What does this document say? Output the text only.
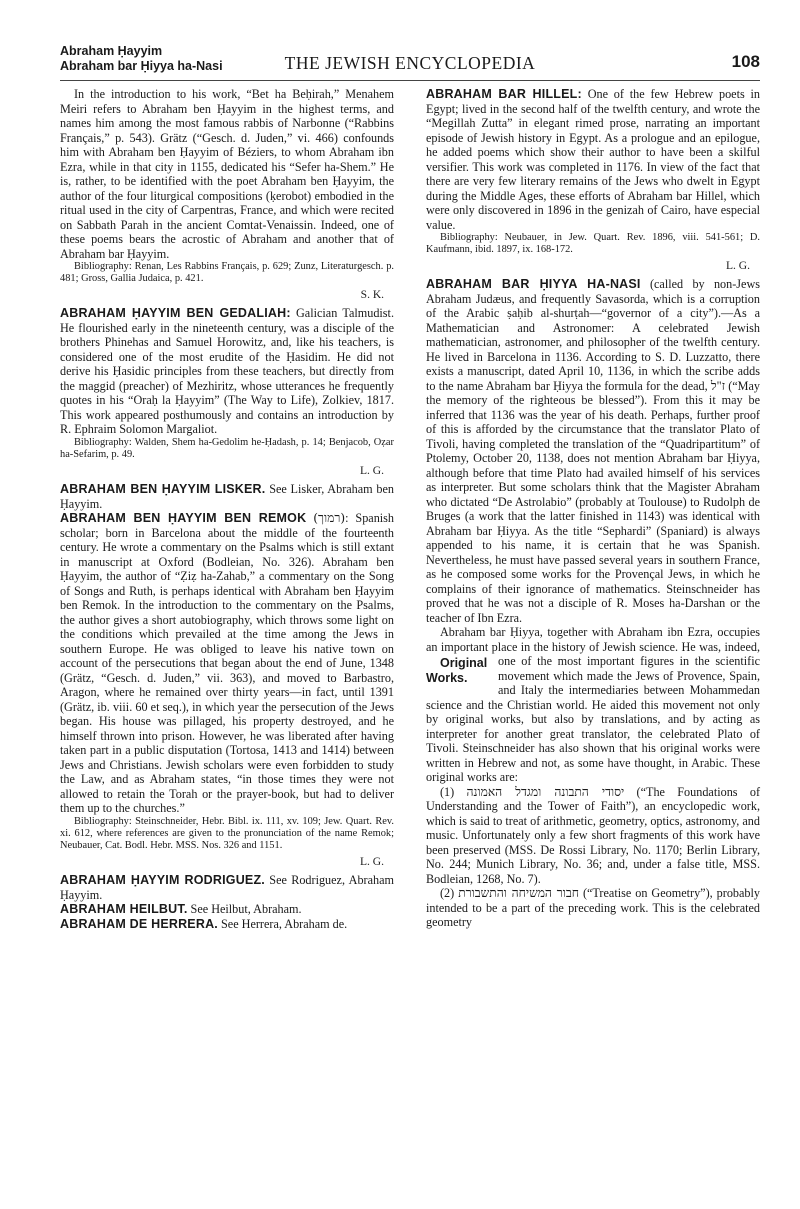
Abraham Ḥayyim
Abraham bar Ḥiyya ha-Nasi	THE JEWISH ENCYCLOPEDIA	108

In the introduction to his work, “Bet ha Beḥirah,” Menahem Meiri refers to Abraham ben Ḥayyim in the highest terms, and names him among the most famous rabbis of Narbonne (“Rabbins Français,” p. 543). Grätz (“Gesch. d. Juden,” vi. 466) confounds him with Abraham ben Ḥayyim of Béziers, to whom Abraham ibn Ezra, while in that city in 1155, dedicated his “Sefer ha-Shem.” He is, rather, to be identified with the poet Abraham ben Ḥayyim, the author of the four liturgical compositions (ḳerobot) embodied in the ritual used in the city of Carpentras, France, and which were recited on Sabbath Parah in the ancient Comtat-Venaissin. Indeed, one of these poems bears the acrostic of Abraham and another that of Abraham bar Ḥayyim.

Bibliography: Renan, Les Rabbins Français, p. 629; Zunz, Literaturgesch. p. 481; Gross, Gallia Judaica, p. 421.

S. K.

ABRAHAM ḤAYYIM BEN GEDALIAH: Galician Talmudist. He flourished early in the nineteenth century, was a disciple of the brothers Phinehas and Samuel Horowitz, and, like his teachers, is considered one of the most erudite of the Ḥasidim. He did not derive his Ḥasidic principles from these teachers, but directly from the maggid (preacher) of Mezhiritz, whose utterances he frequently quotes in his “Oraḥ la Ḥayyim” (The Way to Life), Zolkiev, 1817. This work appeared posthumously and contains an introduction by R. Ephraim Solomon Margaliot.

Bibliography: Walden, Shem ha-Gedolim he-Ḥadash, p. 14; Benjacob, Oẓar ha-Sefarim, p. 49.

L. G.

ABRAHAM BEN ḤAYYIM LISKER. See Lisker, Abraham ben Ḥayyim.

ABRAHAM BEN ḤAYYIM BEN REMOK (רמוך): Spanish scholar; born in Barcelona about the middle of the fourteenth century. He wrote a commentary on the Psalms which is still extant in manuscript at Oxford (Bodleian, No. 326). Abraham ben Ḥayyim, the author of “Ẓiẓ ha-Zahab,” a commentary on the Song of Songs and Ruth, is perhaps identical with Abraham ben Ḥayyim ben Remok. In the introduction to the commentary on the Psalms, the author gives a short autobiography, which throws some light on the conditions which prevailed at the time among the Jews in southern Europe. He was obliged to leave his native town on account of the persecutions that began about the end of June, 1348 (Grätz, “Gesch. d. Juden,” vii. 363), and moved to Barbastro, Aragon, where he remained over thirty years—in fact, until 1391 (Grätz, ib. viii. 60 et seq.), in which year the persecution of the Jews began. His house was pillaged, his property destroyed, and he himself thrown into prison. However, he was liberated after having taken part in a public disputation (Tortosa, 1413 and 1414) between Jews and Christians. Jewish scholars were even forbidden to study the Law, and as Abraham states, “in those times they were not allowed to retain the Torah or the prayer-book, but had to deliver them up to the churches.”

Bibliography: Steinschneider, Hebr. Bibl. ix. 111, xv. 109; Jew. Quart. Rev. xi. 612, where references are given to the pronunciation of the name Remok; Neubauer, Cat. Bodl. Hebr. MSS. Nos. 326 and 1151.

L. G.

ABRAHAM ḤAYYIM RODRIGUEZ. See Rodriguez, Abraham Ḥayyim.

ABRAHAM HEILBUT. See Heilbut, Abraham.

ABRAHAM DE HERRERA. See Herrera, Abraham de.

ABRAHAM BAR HILLEL: One of the few Hebrew poets in Egypt; lived in the second half of the twelfth century, and wrote the “Megillah Zutta” in elegant rimed prose, narrating an important episode of Jewish history in Egypt. As a prologue and an epilogue, he added poems which show their author to have been a skilful versifier. This work was completed in 1176. In view of the fact that there are very few literary remains of the Jews who dwelt in Egypt during the Middle Ages, these efforts of Abraham bar Hillel, which were only discovered in 1896 in the genizah of Cairo, have especial value.

Bibliography: Neubauer, in Jew. Quart. Rev. 1896, viii. 541-561; D. Kaufmann, ibid. 1897, ix. 168-172.

L. G.

ABRAHAM BAR ḤIYYA HA-NASI (called by non-Jews Abraham Judæus, and frequently Savasorda, which is a corruption of the Arabic ṣaḥib al-shurṭah—“governor of a city”).—As a Mathematician and Astronomer: A celebrated Jewish mathematician, astronomer, and philosopher of the twelfth century. He lived in Barcelona in 1136. According to S. D. Luzzatto, there exists a manuscript, dated April 10, 1136, in which the scribe adds to the name Abraham bar Ḥiyya the formula for the dead, ז"ל (“May the memory of the righteous be blessed”). From this it may be inferred that 1136 was the year of his death. Perhaps, further proof of this is afforded by the circumstance that the translator Plato of Tivoli, having completed the translation of the “Quadripartitum” of Ptolemy, October 20, 1138, does not mention Abraham bar Ḥiyya, although before that time Plato had availed himself of his services as interpreter. But some scholars think that the Magister Abraham who dictated “De Astrolabio” (probably at Toulouse) to Rudolph de Bruges (a work that the latter finished in 1143) was identical with Abraham bar Ḥiyya. As the title “Sephardi” (Spaniard) is always appended to his name, it is certain that he was Spanish. Nevertheless, he must have passed several years in southern France, as he composed some works for the Provençal Jews, in which he complains of their ignorance of mathematics. Steinschneider has proved that he was not a disciple of R. Moses ha-Darshan or the teacher of Ibn Ezra.

Abraham bar Ḥiyya, together with Abraham ibn Ezra, occupies an important place in the history of Jewish science. He was, indeed, one of the
Original Works.
most important figures in the scientific movement which made the Jews of Provence, Spain, and Italy the intermediaries between Mohammedan science and the Christian world. He aided this movement not only by original works, but also by translations, and by acting as interpreter for another great translator, the celebrated Plato of Tivoli. Steinschneider has also shown that his original works were written in Hebrew and not, as some have thought, in Arabic. These original works are:

(1) יסודי התבונה ומגדל האמונה (“The Foundations of Understanding and the Tower of Faith”), an encyclopedic work, which is said to treat of arithmetic, geometry, optics, astronomy, and music. Unfortunately only a few short fragments of this work have been preserved (MSS. De Rossi Library, No. 1170; Berlin Library, No. 244; Munich Library, No. 36; and, under a false title, MSS. Bodleian, 1268, No. 7).

(2) חבור המשיחה והתשבורת (“Treatise on Geometry”), probably intended to be a part of the preceding work. This is the celebrated geometry
